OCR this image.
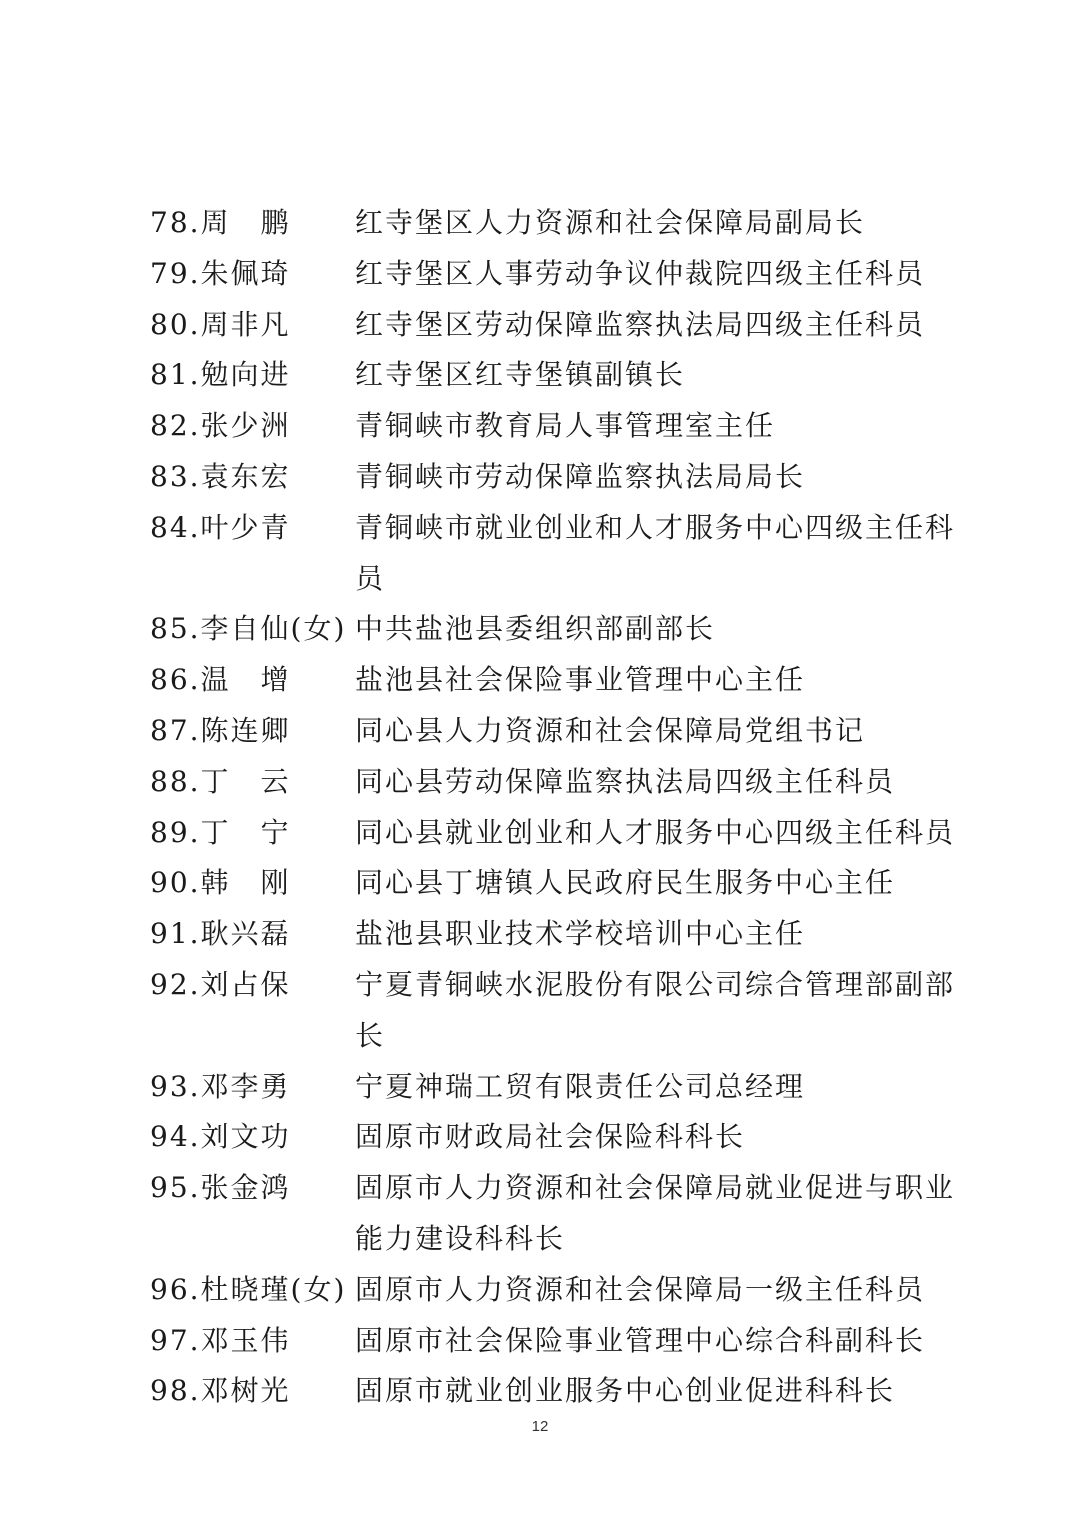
78.周　鹏	红寺堡区人力资源和社会保障局副局长
79.朱佩琦	红寺堡区人事劳动争议仲裁院四级主任科员
80.周非凡	红寺堡区劳动保障监察执法局四级主任科员
81.勉向进	红寺堡区红寺堡镇副镇长
82.张少洲	青铜峡市教育局人事管理室主任
83.袁东宏	青铜峡市劳动保障监察执法局局长
84.叶少青	青铜峡市就业创业和人才服务中心四级主任科员
85.李自仙(女) 中共盐池县委组织部副部长
86.温　增	盐池县社会保险事业管理中心主任
87.陈连卿	同心县人力资源和社会保障局党组书记
88.丁　云	同心县劳动保障监察执法局四级主任科员
89.丁　宁	同心县就业创业和人才服务中心四级主任科员
90.韩　刚	同心县丁塘镇人民政府民生服务中心主任
91.耿兴磊	盐池县职业技术学校培训中心主任
92.刘占保	宁夏青铜峡水泥股份有限公司综合管理部副部长
93.邓李勇	宁夏神瑞工贸有限责任公司总经理
94.刘文功	固原市财政局社会保险科科长
95.张金鸿	固原市人力资源和社会保障局就业促进与职业能力建设科科长
96.杜晓瑾(女) 固原市人力资源和社会保障局一级主任科员
97.邓玉伟	固原市社会保险事业管理中心综合科副科长
98.邓树光	固原市就业创业服务中心创业促进科科长
12
